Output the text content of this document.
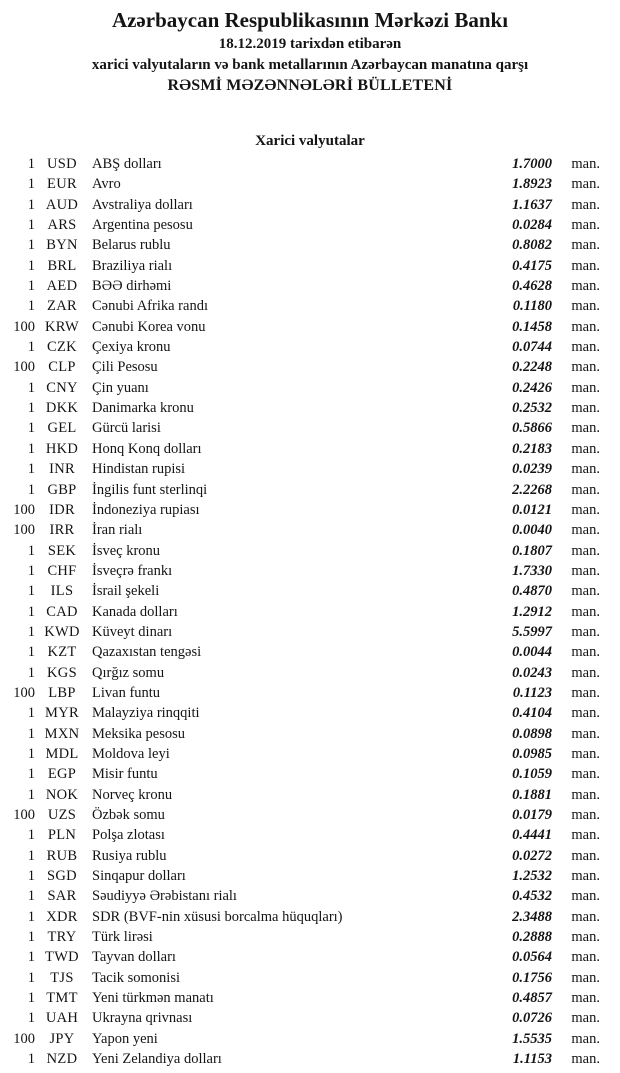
Azərbaycan Respublikasının Mərkəzi Bankı
18.12.2019 tarixdən etibarən
xarici valyutaların və bank metallarının Azərbaycan manatına qarşı
RƏSMİ MƏZƏNNƏLƏRİ BÜLLETENİ
Xarici valyutalar
1 USD	ABŞ dolları	1.7000	man.
1 EUR	Avro	1.8923	man.
1 AUD Avstraliya dolları	1.1637	man.
1 ARS	Argentina pesosu	0.0284	man.
1 BYN Belarus rublu	0.8082	man.
1 BRL	Braziliya rialı	0.4175	man.
1 AED	BƏƏ dirhəmi	0.4628	man.
1 ZAR	Cənubi Afrika randı	0.1180	man.
100 KRW Cənubi Korea vonu	0.1458	man.
1 CZK	Çexiya kronu	0.0744	man.
100 CLP	Çili Pesosu	0.2248	man.
1 CNY Çin yuanı	0.2426	man.
1 DKK Danimarka kronu	0.2532	man.
1 GEL	Gürcü larisi	0.5866	man.
1 HKD Honq Konq dolları	0.2183	man.
1 INR	Hindistan rupisi	0.0239	man.
1 GBP	İngilis funt sterlinqi	2.2268	man.
100 IDR	İndoneziya rupiası	0.0121	man.
100 IRR	İran rialı	0.0040	man.
1 SEK	İsveç kronu	0.1807	man.
1 CHF	İsveçrə frankı	1.7330	man.
1	ILS	İsrail şekeli	0.4870	man.
1 CAD Kanada dolları	1.2912	man.
1 KWD Küveyt dinarı	5.5997	man.
1 KZT	Qazaxıstan tengəsi	0.0044	man.
1 KGS	Qırğız somu	0.0243	man.
100 LBP	Livan funtu	0.1123	man.
1 MYR Malayziya rinqqiti	0.4104	man.
1 MXN Meksika pesosu	0.0898	man.
1 MDL Moldova leyi	0.0985	man.
1 EGP	Misir funtu	0.1059	man.
1 NOK Norveç kronu	0.1881	man.
100 UZS	Özbək somu	0.0179	man.
1 PLN	Polşa zlotası	0.4441	man.
1 RUB	Rusiya rublu	0.0272	man.
1 SGD	Sinqapur dolları	1.2532	man.
1 SAR	Səudiyyə Ərəbistanı rialı	0.4532	man.
1 XDR SDR (BVF-nin xüsusi borcalma hüquqları)	2.3488	man.
1 TRY	Türk lirəsi	0.2888	man.
1 TWD Tayvan dolları	0.0564	man.
1	TJS	Tacik somonisi	0.1756	man.
1 TMT Yeni türkmən manatı	0.4857	man.
1 UAH Ukrayna qrivnası	0.0726	man.
100 JPY	Yapon yeni	1.5535	man.
1 NZD	Yeni Zelandiya dolları	1.1153	man.
